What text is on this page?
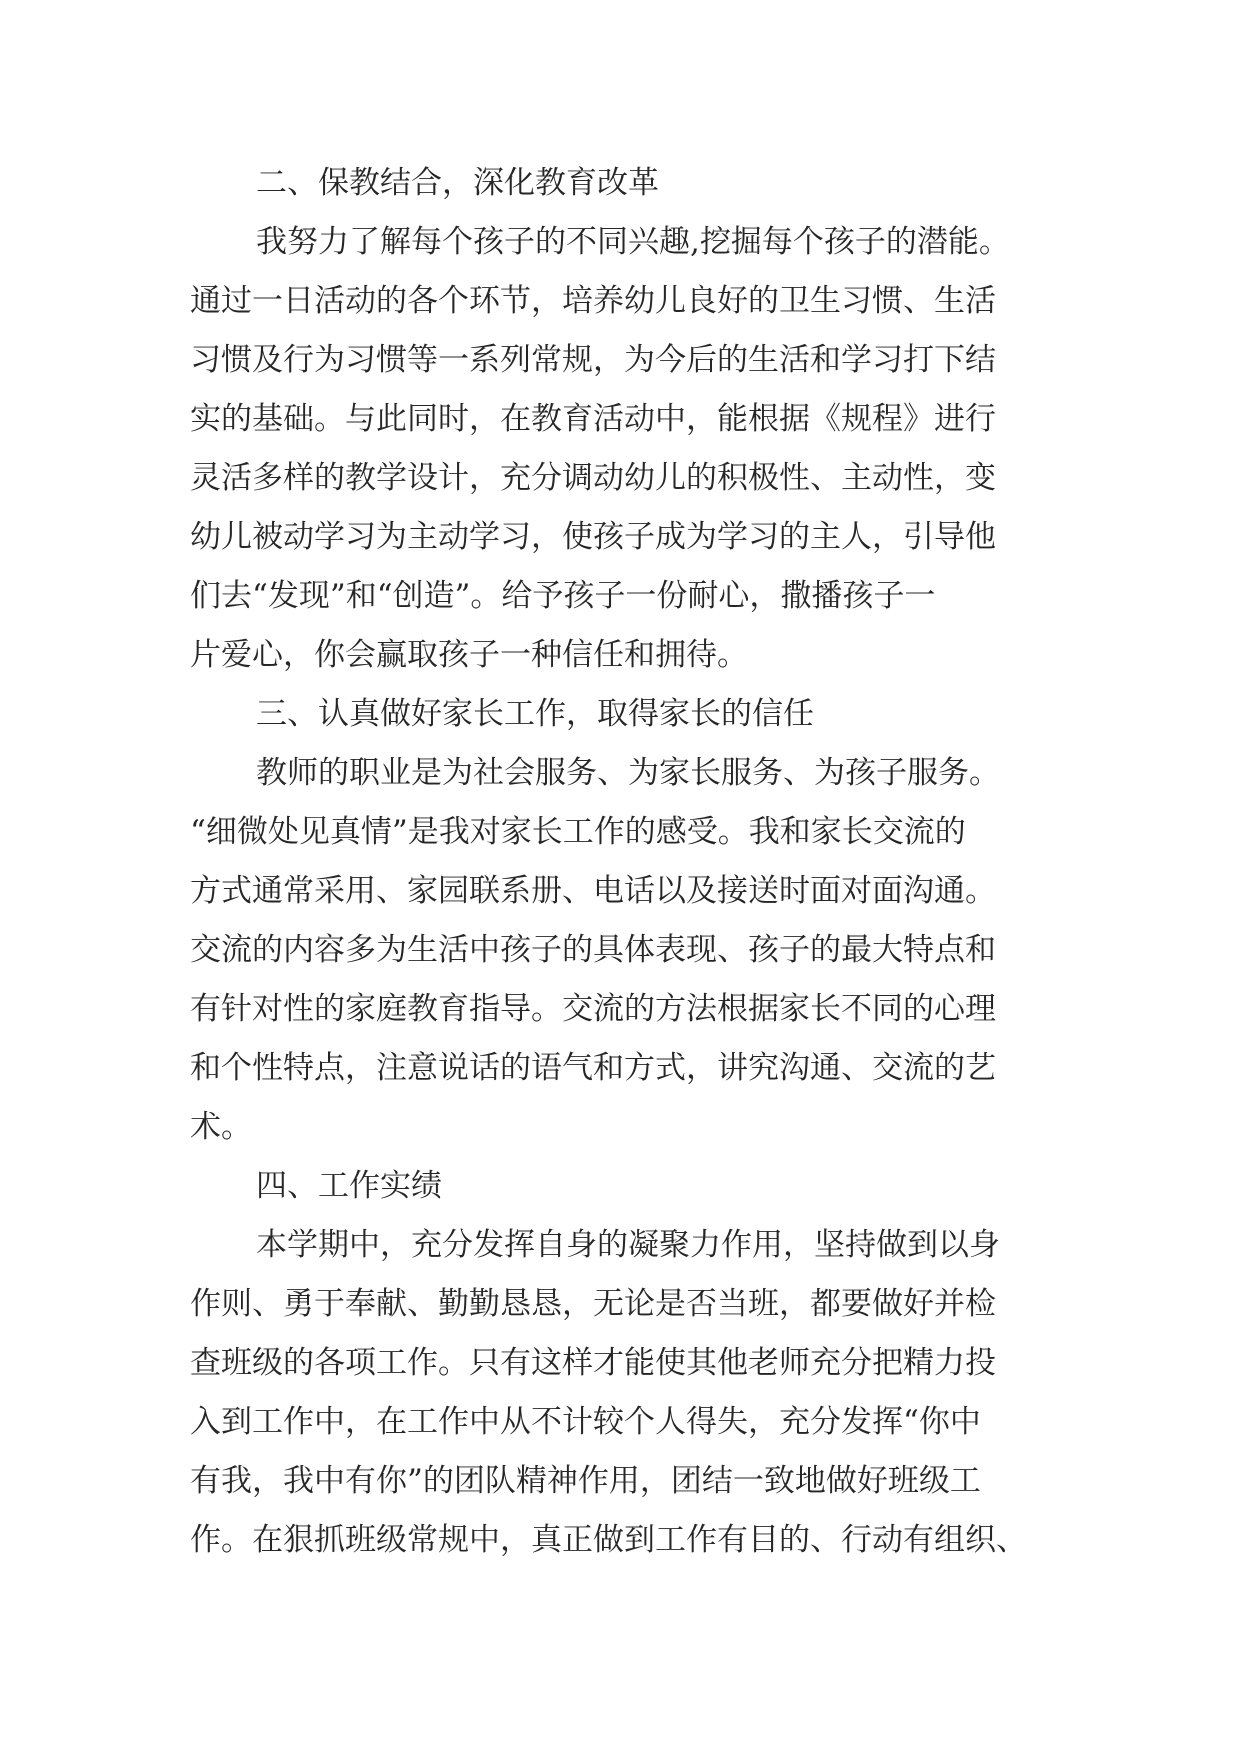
二、保教结合，深化教育改革

我努力了解每个孩子的不同兴趣,挖掘每个孩子的潜能。

通过一日活动的各个环节，培养幼儿良好的卫生习惯、生活

习惯及行为习惯等一系列常规，为今后的生活和学习打下结

实的基础。与此同时，在教育活动中，能根据《规程》进行

灵活多样的教学设计，充分调动幼儿的积极性、主动性，变

幼儿被动学习为主动学习，使孩子成为学习的主人，引导他

们去“发现”和“创造”。给予孩子一份耐心，撒播孩子一

片爱心，你会赢取孩子一种信任和拥待。

三、认真做好家长工作，取得家长的信任

教师的职业是为社会服务、为家长服务、为孩子服务。

“细微处见真情”是我对家长工作的感受。我和家长交流的

方式通常采用、家园联系册、电话以及接送时面对面沟通。

交流的内容多为生活中孩子的具体表现、孩子的最大特点和

有针对性的家庭教育指导。交流的方法根据家长不同的心理

和个性特点，注意说话的语气和方式，讲究沟通、交流的艺

术。

四、工作实绩

本学期中，充分发挥自身的凝聚力作用，坚持做到以身

作则、勇于奉献、勤勤恳恳，无论是否当班，都要做好并检

查班级的各项工作。只有这样才能使其他老师充分把精力投

入到工作中，在工作中从不计较个人得失，充分发挥“你中

有我，我中有你”的团队精神作用，团结一致地做好班级工

作。在狠抓班级常规中，真正做到工作有目的、行动有组织、
